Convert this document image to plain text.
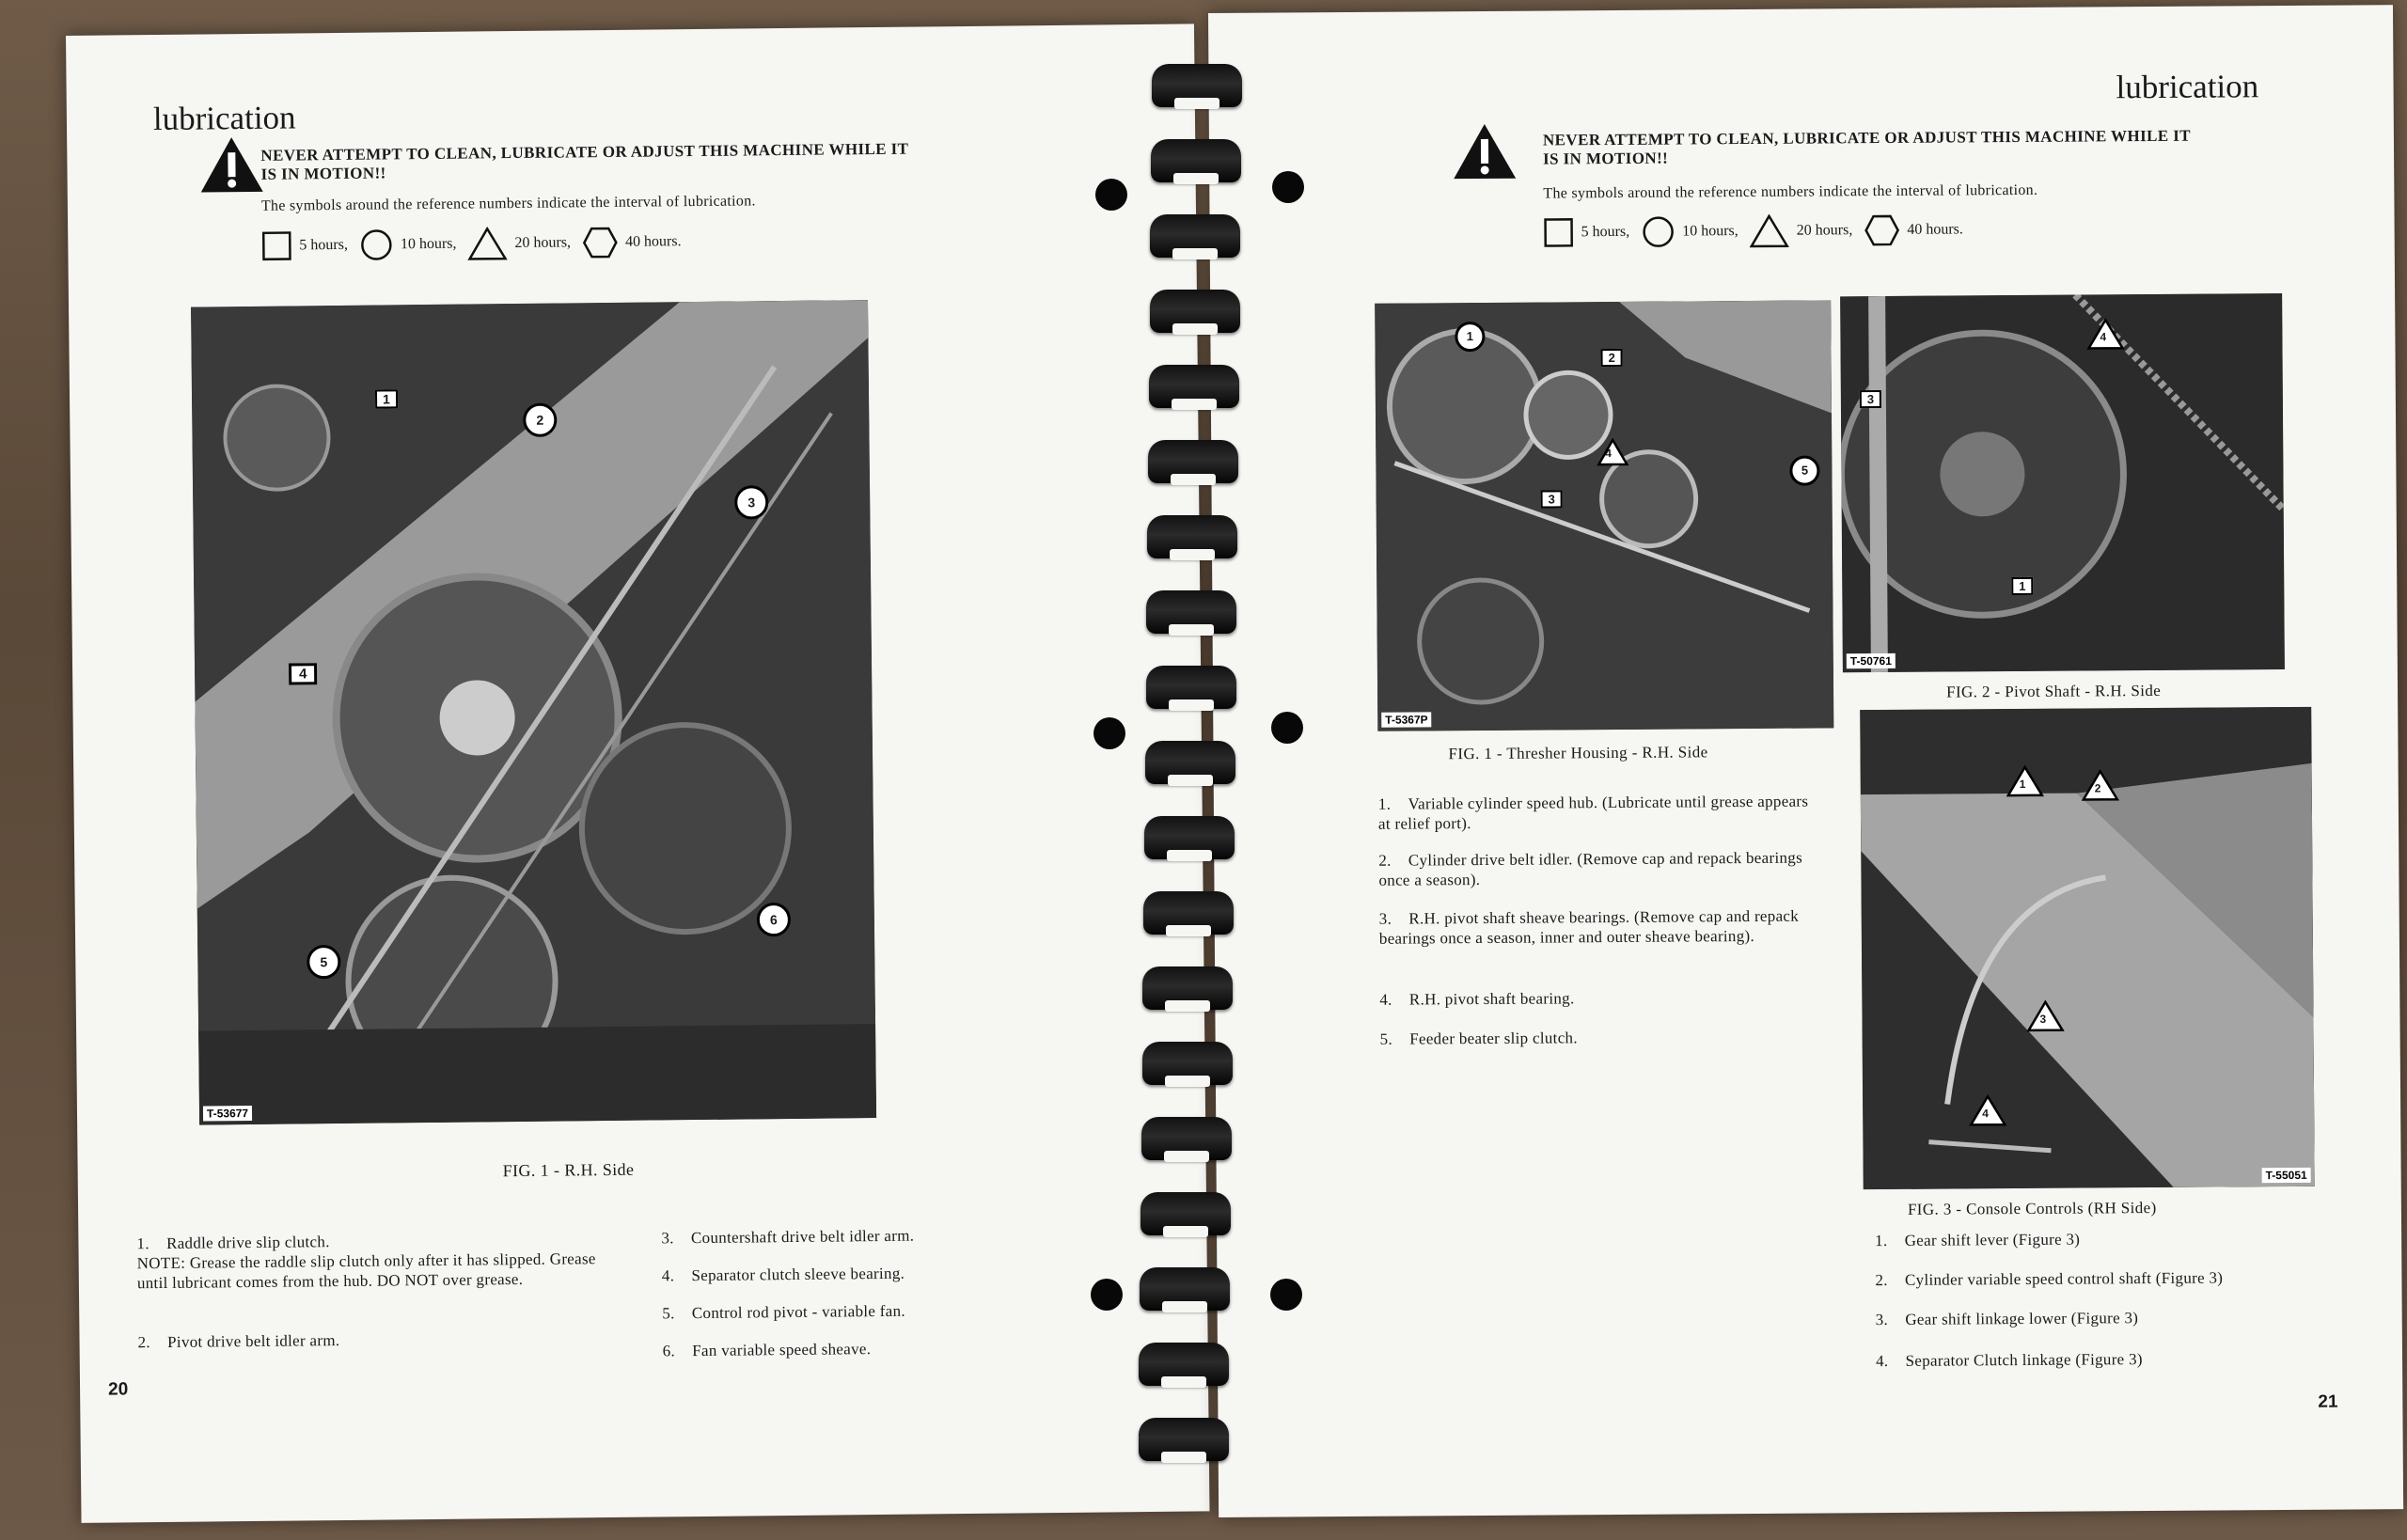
lubrication
NEVER ATTEMPT TO CLEAN, LUBRICATE OR ADJUST THIS MACHINE WHILE IT IS IN MOTION!!
The symbols around the reference numbers indicate the interval of lubrication.
5 hours,	10 hours,	20 hours,	40 hours.
1
2
3
4
5
6
T-53677
FIG. 1 - R.H. Side
1. Raddle drive slip clutch.
NOTE: Grease the raddle slip clutch only after it has slipped. Grease until lubricant comes from the hub. DO NOT over grease.
2. Pivot drive belt idler arm.
3. Countershaft drive belt idler arm.
4. Separator clutch sleeve bearing.
5. Control rod pivot - variable fan.
6. Fan variable speed sheave.
20
lubrication
NEVER ATTEMPT TO CLEAN, LUBRICATE OR ADJUST THIS MACHINE WHILE IT IS IN MOTION!!
The symbols around the reference numbers indicate the interval of lubrication.
5 hours,	10 hours,	20 hours,	40 hours.
1
2
3
4
5
T-5367P
FIG. 1 - Thresher Housing - R.H. Side
3
1
4
T-50761
FIG. 2 - Pivot Shaft - R.H. Side
1	2
3
4
T-55051
FIG. 3 - Console Controls (RH Side)
1. Variable cylinder speed hub. (Lubricate until grease appears at relief port).
2. Cylinder drive belt idler. (Remove cap and repack bearings once a season).
3. R.H. pivot shaft sheave bearings. (Remove cap and repack bearings once a season, inner and outer sheave bearing).
4. R.H. pivot shaft bearing.
5. Feeder beater slip clutch.
1. Gear shift lever (Figure 3)
2. Cylinder variable speed control shaft (Figure 3)
3. Gear shift linkage lower (Figure 3)
4. Separator Clutch linkage (Figure 3)
21
